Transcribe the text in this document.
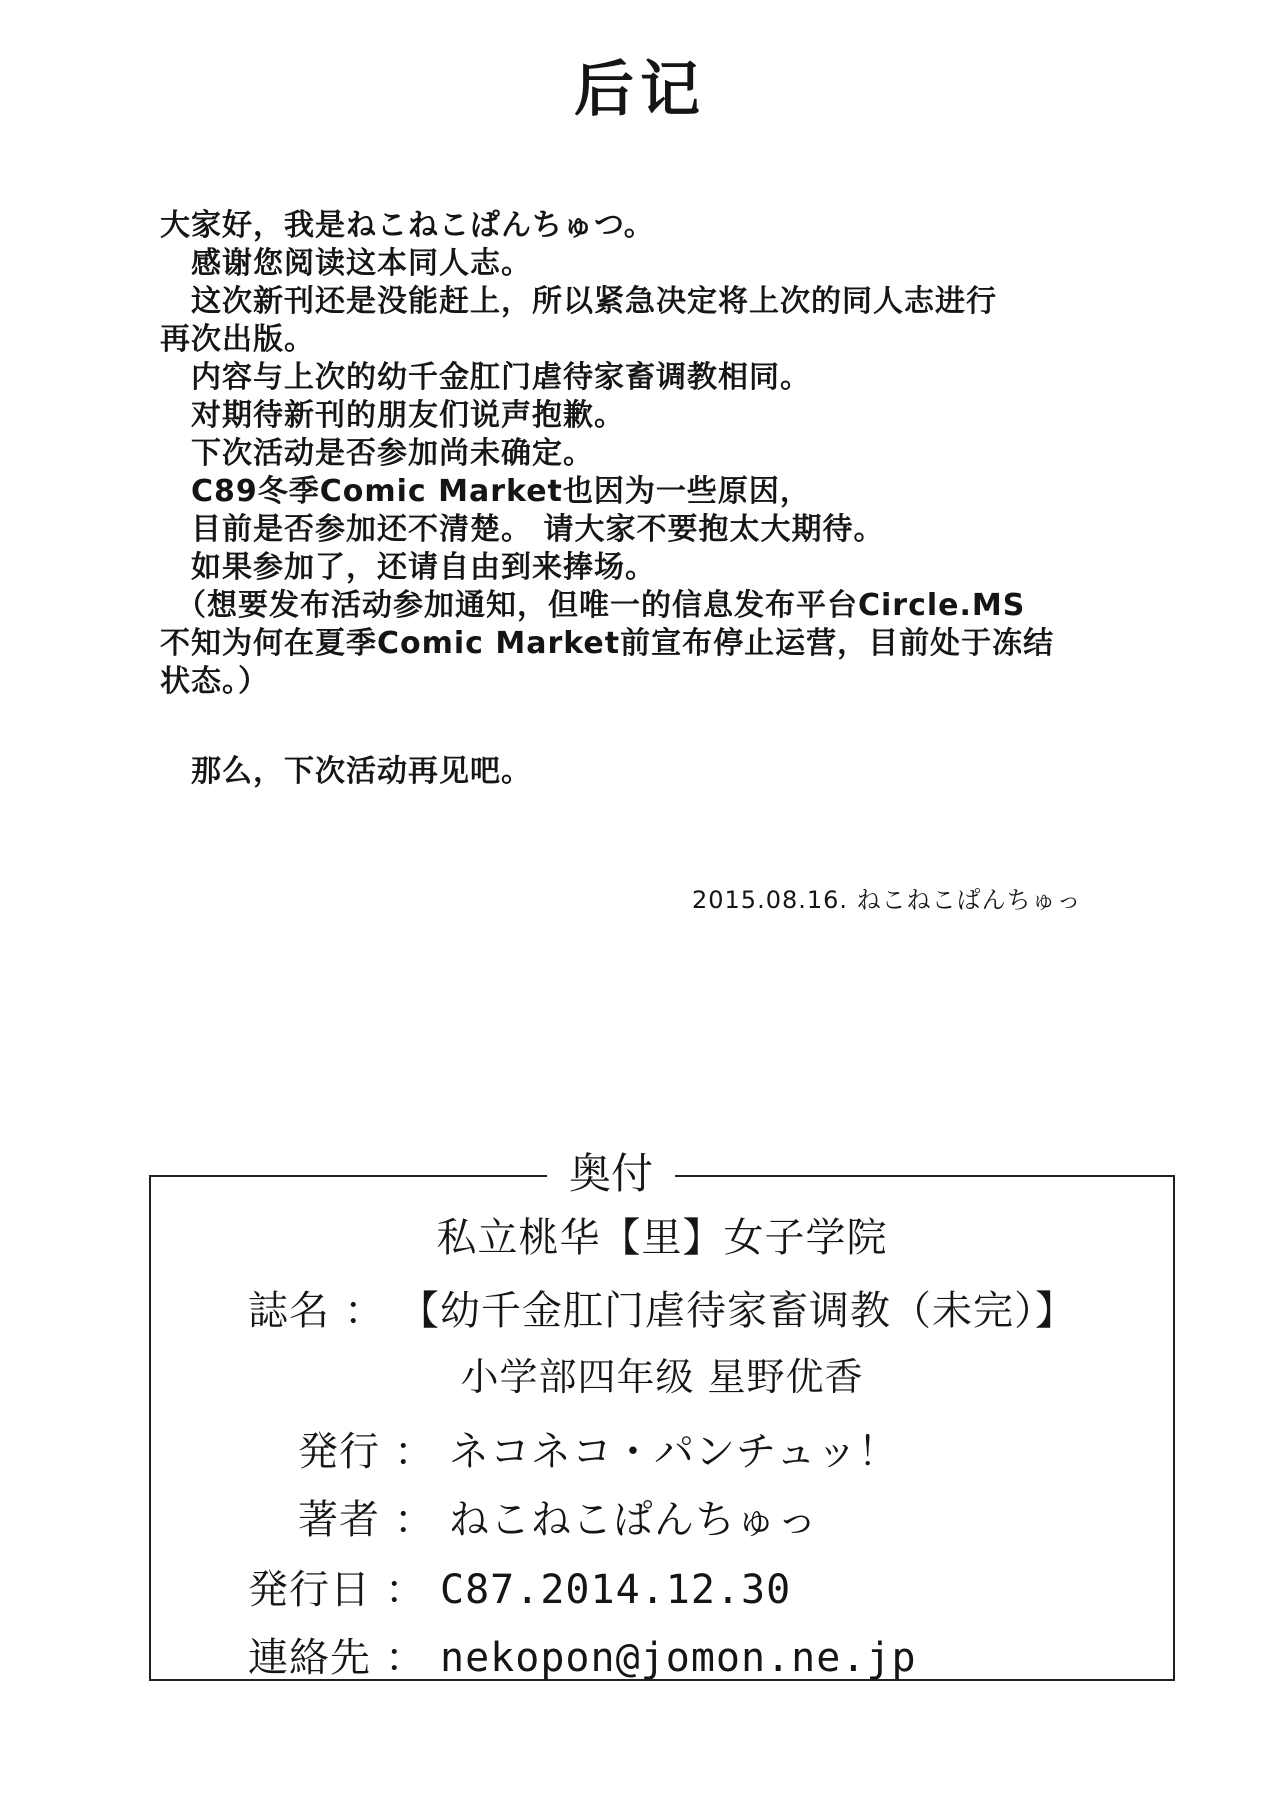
后记
大家好，我是ねこねこぱんちゅつ。
　感谢您阅读这本同人志。
　这次新刊还是没能赶上，所以紧急决定将上次的同人志进行
再次出版。
　内容与上次的幼千金肛门虐待家畜调教相同。
　对期待新刊的朋友们说声抱歉。
　下次活动是否参加尚未确定。
　C89冬季Comic Market也因为一些原因，
　目前是否参加还不清楚。 请大家不要抱太大期待。
　如果参加了，还请自由到来捧场。
　（想要发布活动参加通知，但唯一的信息发布平台Circle.MS
不知为何在夏季Comic Market前宣布停止运营，目前处于冻结
状态。）
　那么，下次活动再见吧。
2015.08.16. ねこねこぱんちゅっ
奥付
私立桃华【里】女子学院
誌名 ： 【幼千金肛门虐待家畜调教（未完）】
小学部四年级 星野优香
発行 ： ネコネコ・パンチュッ！
著者 ： ねこねこぱんちゅっ
発行日 ： C87.2014.12.30
連絡先 ： nekopon@jomon.ne.jp
